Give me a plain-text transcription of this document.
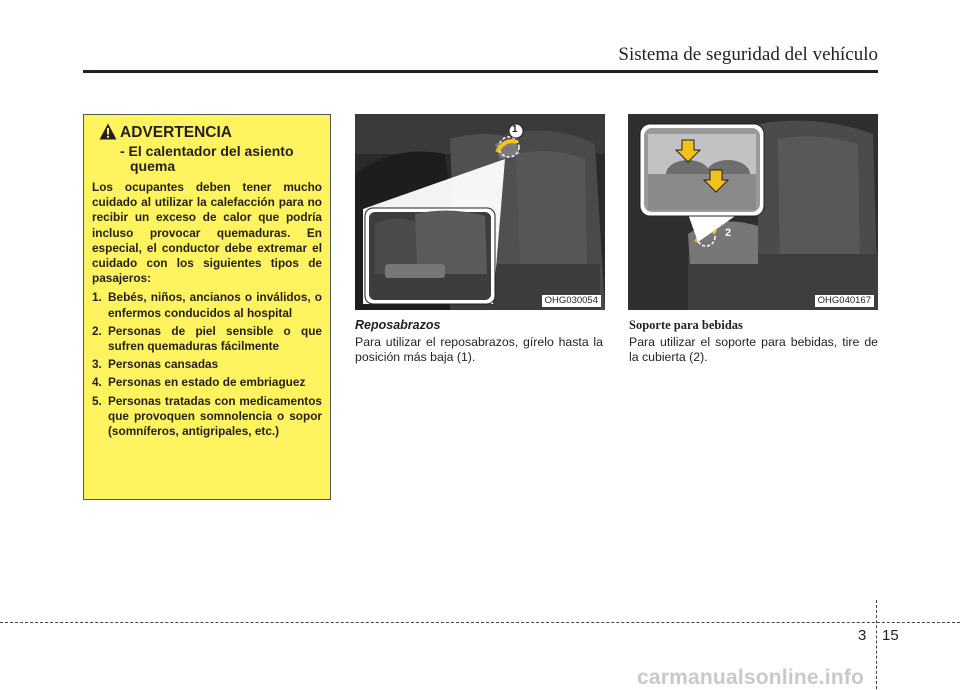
Sistema de seguridad del vehículo
ADVERTENCIA
- El calentador del asiento
quema
Los ocupantes deben tener mucho cuidado al utilizar la calefacción para no recibir un exceso de calor que podría incluso provocar quemaduras. En especial, el conductor debe extremar el cuidado con los siguientes tipos de pasajeros:
1. Bebés, niños, ancianos o inválidos, o enfermos conducidos al hospital
2. Personas de piel sensible o que sufren quemaduras fácilmente
3. Personas cansadas
4. Personas en estado de embriaguez
5. Personas tratadas con medicamentos que provoquen somnolencia o sopor (somníferos, antigripales, etc.)
1
OHG030054
2
OHG040167
Reposabrazos
Para utilizar el reposabrazos, gírelo hasta la posición más baja (1).
Soporte para bebidas
Para utilizar el soporte para bebidas, tire de la cubierta (2).
3 15
carmanualsonline.info
